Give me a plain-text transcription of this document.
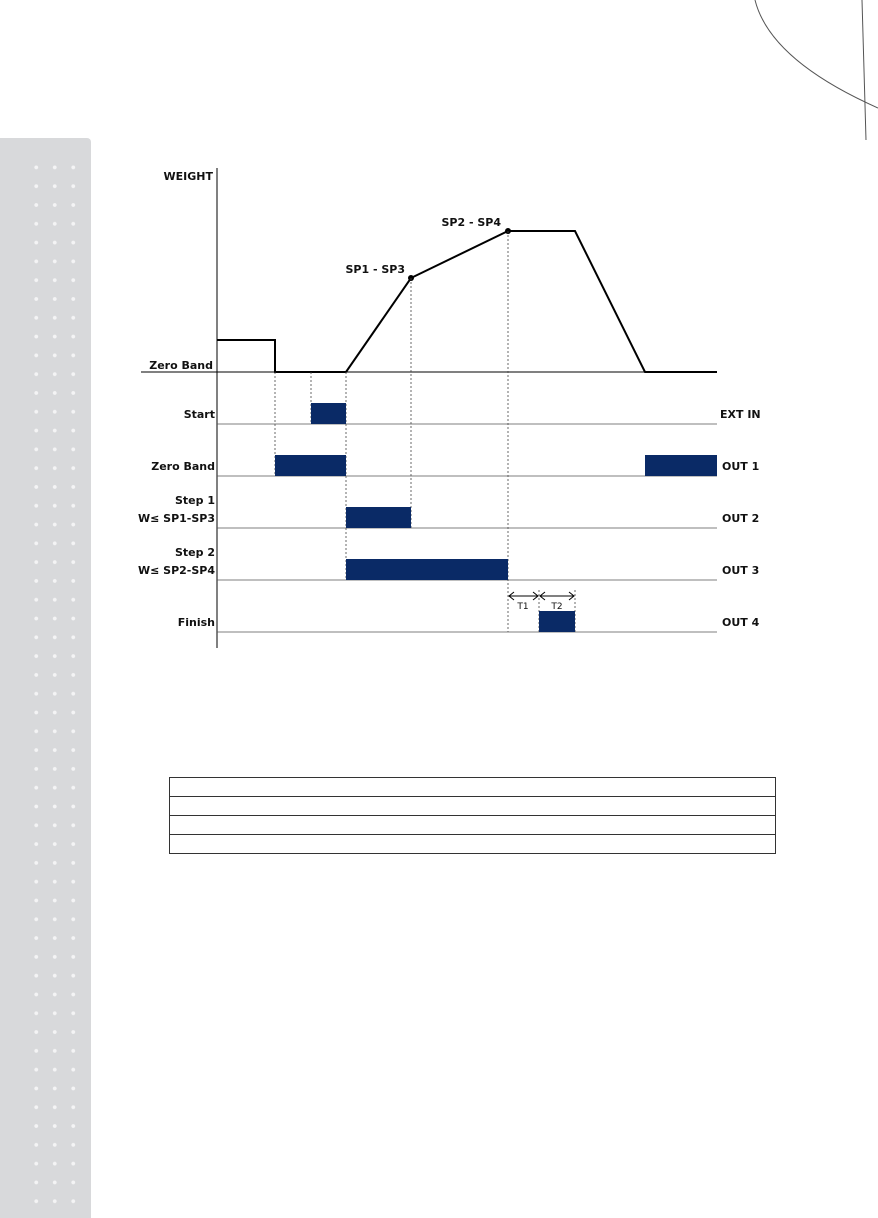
WEIGHT
Zero Band
SP1 - SP3
SP2 - SP4
Start
Zero Band
Step 1
W≤ SP1-SP3
Step 2
W≤ SP2-SP4
Finish
EXT IN
OUT 1
OUT 2
OUT 3
OUT 4
T1	T2
